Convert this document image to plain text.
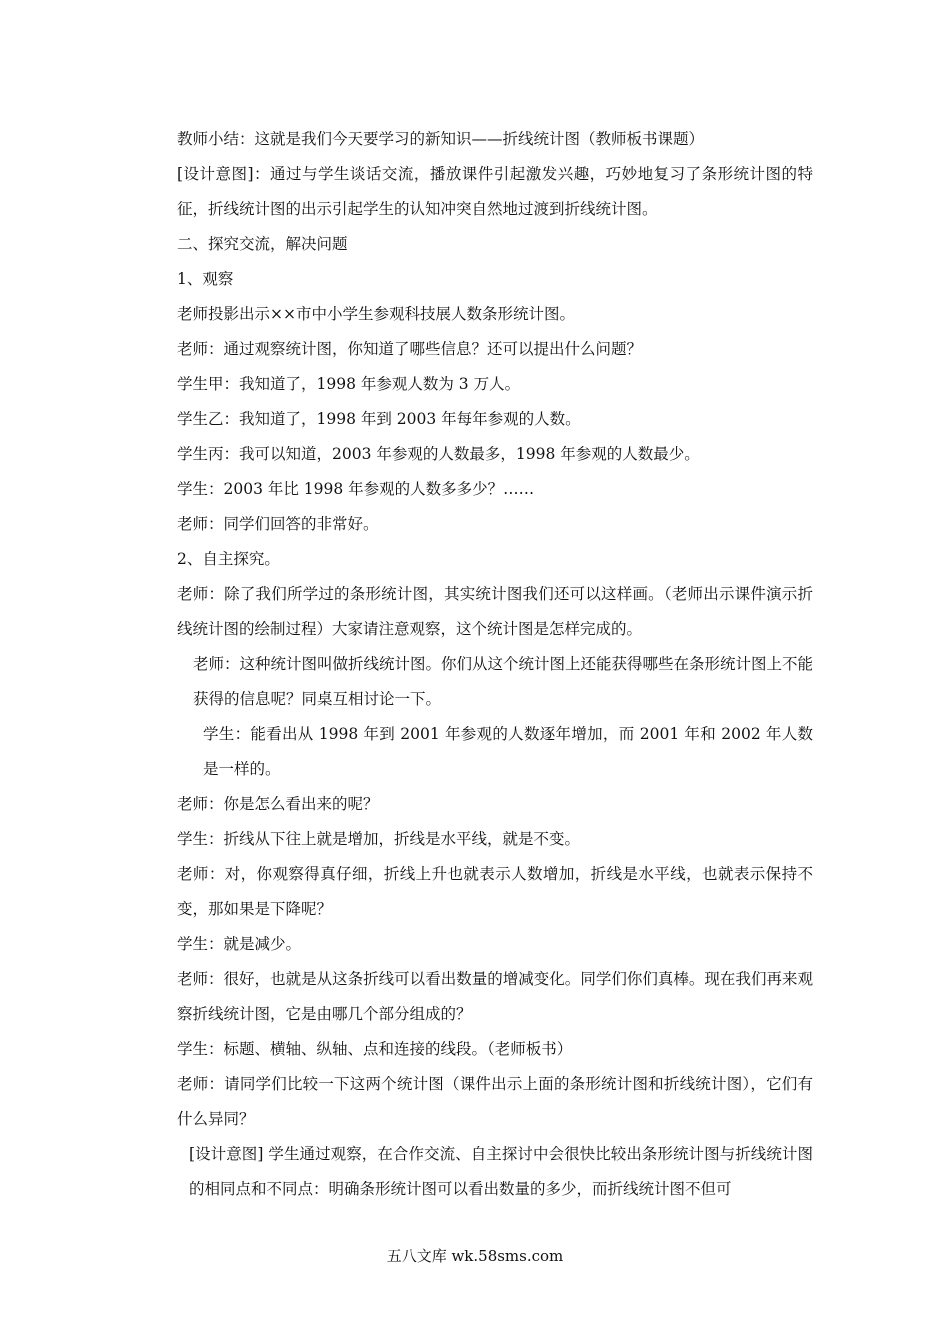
教师小结：这就是我们今天要学习的新知识——折线统计图（教师板书课题）

[设计意图]：通过与学生谈话交流，播放课件引起激发兴趣，巧妙地复习了条形统计图的特征，折线统计图的出示引起学生的认知冲突自然地过渡到折线统计图。

二、探究交流，解决问题

1、观察

老师投影出示××市中小学生参观科技展人数条形统计图。

老师：通过观察统计图，你知道了哪些信息？还可以提出什么问题？

学生甲：我知道了，1998 年参观人数为 3 万人。

学生乙：我知道了，1998 年到 2003 年每年参观的人数。

学生丙：我可以知道，2003 年参观的人数最多，1998 年参观的人数最少。

学生：2003 年比 1998 年参观的人数多多少？……

老师：同学们回答的非常好。

2、自主探究。

老师：除了我们所学过的条形统计图，其实统计图我们还可以这样画。（老师出示课件演示折线统计图的绘制过程）大家请注意观察，这个统计图是怎样完成的。

老师：这种统计图叫做折线统计图。你们从这个统计图上还能获得哪些在条形统计图上不能获得的信息呢？同桌互相讨论一下。

学生：能看出从 1998 年到 2001 年参观的人数逐年增加，而 2001 年和 2002 年人数是一样的。

老师：你是怎么看出来的呢？

学生：折线从下往上就是增加，折线是水平线，就是不变。

老师：对，你观察得真仔细，折线上升也就表示人数增加，折线是水平线，也就表示保持不变，那如果是下降呢？

学生：就是减少。

老师：很好，也就是从这条折线可以看出数量的增减变化。同学们你们真棒。现在我们再来观察折线统计图，它是由哪几个部分组成的？

学生：标题、横轴、纵轴、点和连接的线段。（老师板书）

老师：请同学们比较一下这两个统计图（课件出示上面的条形统计图和折线统计图），它们有什么异同？

[设计意图] 学生通过观察，在合作交流、自主探讨中会很快比较出条形统计图与折线统计图的相同点和不同点：明确条形统计图可以看出数量的多少，而折线统计图不但可

五八文库 wk.58sms.com
